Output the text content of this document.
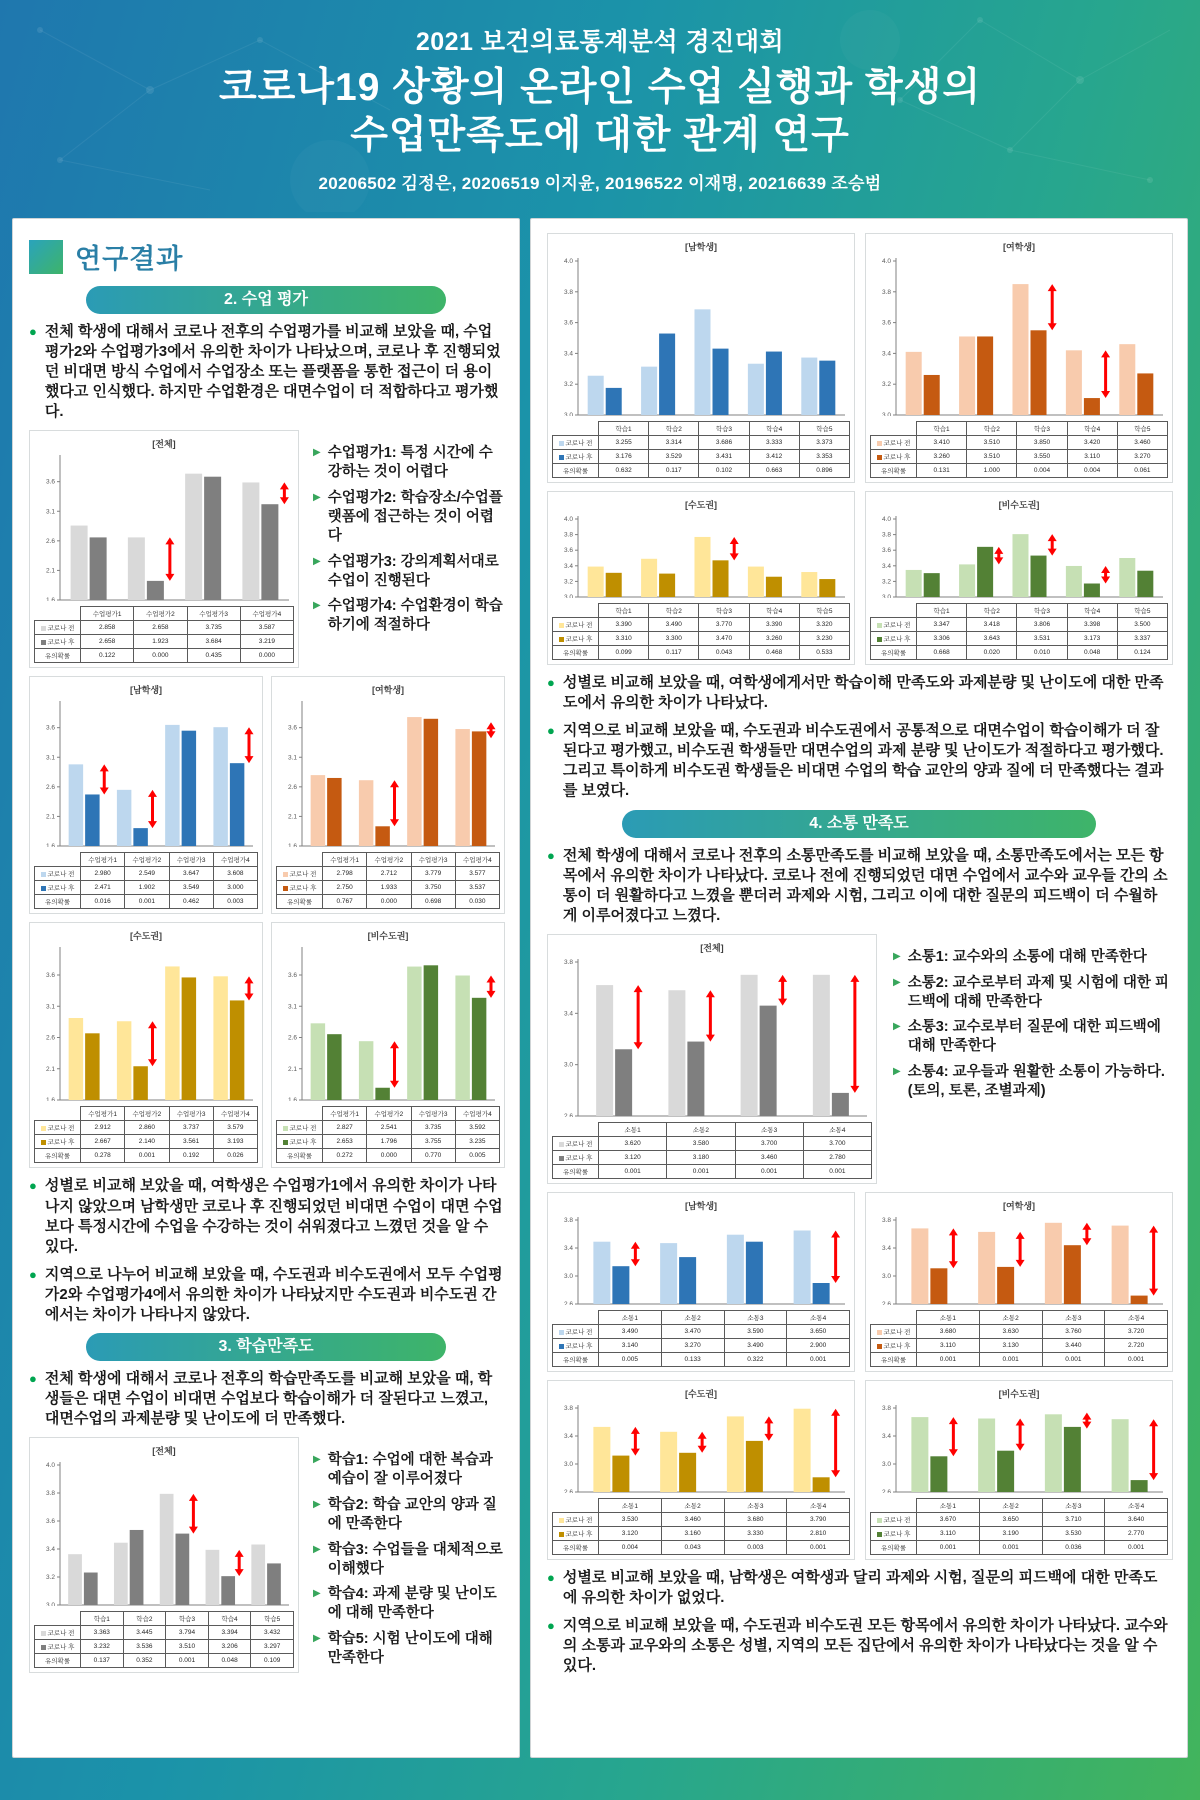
2021 보건의료통계분석 경진대회
코로나19 상황의 온라인 수업 실행과 학생의
수업만족도에 대한 관계 연구
20206502 김정은, 20206519 이지윤, 20196522 이재명, 20216639 조승범
연구결과
2. 수업 평가
● 전체 학생에 대해서 코로나 전후의 수업평가를 비교해 보았을 때, 수업평가2와 수업평가3에서 유의한 차이가 나타났으며, 코로나 후 진행되었던 비대면 방식 수업에서 수업장소 또는 플랫폼을 통한 접근이 더 용이했다고 인식했다. 하지만 수업환경은 대면수업이 더 적합하다고 평가했다.

[전체]
1.6
2.1
2.6
3.1
3.6
	수업평가1	수업평가2	수업평가3	수업평가4
코로나 전	2.858	2.658	3.735	3.587
코로나 후	2.658	1.923	3.684	3.219
유의확률	0.122	0.000	0.435	0.000
▶ 수업평가1: 특정 시간에 수강하는 것이 어렵다
▶ 수업평가2: 학습장소/수업플랫폼에 접근하는 것이 어렵다
▶ 수업평가3: 강의계획서대로 수업이 진행된다
▶ 수업평가4: 수업환경이 학습하기에 적절하다
[남학생]
1.6
2.1
2.6
3.1
3.6
	수업평가1	수업평가2	수업평가3	수업평가4
코로나 전	2.980	2.549	3.647	3.608
코로나 후	2.471	1.902	3.549	3.000
유의확률	0.016	0.001	0.462	0.003
[여학생]
1.6
2.1
2.6
3.1
3.6
	수업평가1	수업평가2	수업평가3	수업평가4
코로나 전	2.798	2.712	3.779	3.577
코로나 후	2.750	1.933	3.750	3.537
유의확률	0.767	0.000	0.698	0.030
[수도권]
1.6
2.1
2.6
3.1
3.6
	수업평가1	수업평가2	수업평가3	수업평가4
코로나 전	2.912	2.860	3.737	3.579
코로나 후	2.667	2.140	3.561	3.193
유의확률	0.278	0.001	0.192	0.026
[비수도권]
1.6
2.1
2.6
3.1
3.6
	수업평가1	수업평가2	수업평가3	수업평가4
코로나 전	2.827	2.541	3.735	3.592
코로나 후	2.653	1.796	3.755	3.235
유의확률	0.272	0.000	0.770	0.005
● 성별로 비교해 보았을 때, 여학생은 수업평가1에서 유의한 차이가 나타나지 않았으며 남학생만 코로나 후 진행되었던 비대면 수업이 대면 수업보다 특정시간에 수업을 수강하는 것이 쉬워졌다고 느꼈던 것을 알 수 있다.

● 지역으로 나누어 비교해 보았을 때, 수도권과 비수도권에서 모두 수업평가2와 수업평가4에서 유의한 차이가 나타났지만 수도권과 비수도권 간에서는 차이가 나타나지 않았다.

3. 학습만족도
● 전체 학생에 대해서 코로나 전후의 학습만족도를 비교해 보았을 때, 학생들은 대면 수업이 비대면 수업보다 학습이해가 더 잘된다고 느꼈고, 대면수업의 과제분량 및 난이도에 더 만족했다.

[전체]
3.0
3.2
3.4
3.6
3.8
4.0
	학습1	학습2	학습3	학습4	학습5
코로나 전	3.363	3.445	3.794	3.394	3.432
코로나 후	3.232	3.536	3.510	3.206	3.297
유의확률	0.137	0.352	0.001	0.048	0.109
▶ 학습1: 수업에 대한 복습과 예습이 잘 이루어졌다
▶ 학습2: 학습 교안의 양과 질에 만족한다
▶ 학습3: 수업들을 대체적으로 이해했다
▶ 학습4: 과제 분량 및 난이도에 대해 만족한다
▶ 학습5: 시험 난이도에 대해 만족한다
[남학생]
3.0
3.2
3.4
3.6
3.8
4.0
	학습1	학습2	학습3	학습4	학습5
코로나 전	3.255	3.314	3.686	3.333	3.373
코로나 후	3.176	3.529	3.431	3.412	3.353
유의확률	0.632	0.117	0.102	0.663	0.896
[여학생]
3.0
3.2
3.4
3.6
3.8
4.0
	학습1	학습2	학습3	학습4	학습5
코로나 전	3.410	3.510	3.850	3.420	3.460
코로나 후	3.260	3.510	3.550	3.110	3.270
유의확률	0.131	1.000	0.004	0.004	0.061
[수도권]
3.0
3.2
3.4
3.6
3.8
4.0
	학습1	학습2	학습3	학습4	학습5
코로나 전	3.390	3.490	3.770	3.390	3.320
코로나 후	3.310	3.300	3.470	3.260	3.230
유의확률	0.099	0.117	0.043	0.468	0.533
[비수도권]
3.0
3.2
3.4
3.6
3.8
4.0
	학습1	학습2	학습3	학습4	학습5
코로나 전	3.347	3.418	3.806	3.398	3.500
코로나 후	3.306	3.643	3.531	3.173	3.337
유의확률	0.668	0.020	0.010	0.048	0.124
● 성별로 비교해 보았을 때, 여학생에게서만 학습이해 만족도와 과제분량 및 난이도에 대한 만족도에서 유의한 차이가 나타났다.

● 지역으로 비교해 보았을 때, 수도권과 비수도권에서 공통적으로 대면수업이 학습이해가 더 잘된다고 평가했고, 비수도권 학생들만 대면수업의 과제 분량 및 난이도가 적절하다고 평가했다. 그리고 특이하게 비수도권 학생들은 비대면 수업의 학습 교안의 양과 질에 더 만족했다는 결과를 보였다.

4. 소통 만족도
● 전체 학생에 대해서 코로나 전후의 소통만족도를 비교해 보았을 때, 소통만족도에서는 모든 항목에서 유의한 차이가 나타났다. 코로나 전에 진행되었던 대면 수업에서 교수와 교우들 간의 소통이 더 원활하다고 느꼈을 뿐더러 과제와 시험, 그리고 이에 대한 질문의 피드백이 더 수월하게 이루어졌다고 느꼈다.

[전체]
2.6
3.0
3.4
3.8
	소통1	소통2	소통3	소통4
코로나 전	3.620	3.580	3.700	3.700
코로나 후	3.120	3.180	3.460	2.780
유의확률	0.001	0.001	0.001	0.001
▶ 소통1: 교수와의 소통에 대해 만족한다
▶ 소통2: 교수로부터 과제 및 시험에 대한 피드백에 대해 만족한다
▶ 소통3: 교수로부터 질문에 대한 피드백에 대해 만족한다
▶ 소통4: 교우들과 원활한 소통이 가능하다. (토의, 토론, 조별과제)
[남학생]
2.6
3.0
3.4
3.8
	소통1	소통2	소통3	소통4
코로나 전	3.490	3.470	3.590	3.650
코로나 후	3.140	3.270	3.490	2.900
유의확률	0.005	0.133	0.322	0.001
[여학생]
2.6
3.0
3.4
3.8
	소통1	소통2	소통3	소통4
코로나 전	3.680	3.630	3.760	3.720
코로나 후	3.110	3.130	3.440	2.720
유의확률	0.001	0.001	0.001	0.001
[수도권]
2.6
3.0
3.4
3.8
	소통1	소통2	소통3	소통4
코로나 전	3.530	3.460	3.680	3.790
코로나 후	3.120	3.160	3.330	2.810
유의확률	0.004	0.043	0.003	0.001
[비수도권]
2.6
3.0
3.4
3.8
	소통1	소통2	소통3	소통4
코로나 전	3.670	3.650	3.710	3.640
코로나 후	3.110	3.190	3.530	2.770
유의확률	0.001	0.001	0.036	0.001
● 성별로 비교해 보았을 때, 남학생은 여학생과 달리 과제와 시험, 질문의 피드백에 대한 만족도에 유의한 차이가 없었다.

● 지역으로 비교해 보았을 때, 수도권과 비수도권 모든 항목에서 유의한 차이가 나타났다. 교수와의 소통과 교우와의 소통은 성별, 지역의 모든 집단에서 유의한 차이가 나타났다는 것을 알 수 있다.
